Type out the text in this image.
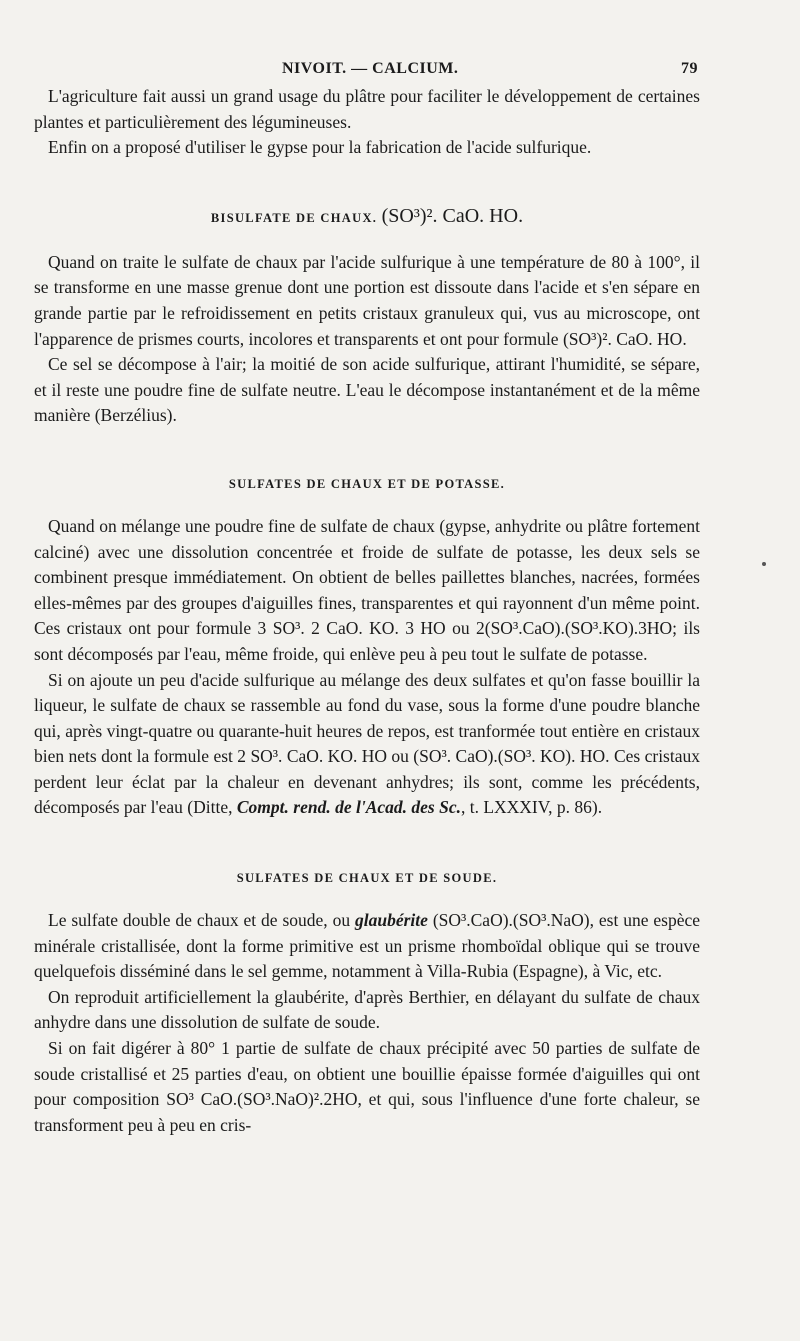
NIVOIT. — CALCIUM.	79

L'agriculture fait aussi un grand usage du plâtre pour faciliter le développement de certaines plantes et particulièrement des légumineuses.

Enfin on a proposé d'utiliser le gypse pour la fabrication de l'acide sulfurique.

BISULFATE DE CHAUX. (SO³)². CaO. HO.

Quand on traite le sulfate de chaux par l'acide sulfurique à une température de 80 à 100°, il se transforme en une masse grenue dont une portion est dissoute dans l'acide et s'en sépare en grande partie par le refroidissement en petits cristaux granuleux qui, vus au microscope, ont l'apparence de prismes courts, incolores et transparents et ont pour formule (SO³)². CaO. HO.

Ce sel se décompose à l'air; la moitié de son acide sulfurique, attirant l'humidité, se sépare, et il reste une poudre fine de sulfate neutre. L'eau le décompose instantanément et de la même manière (Berzélius).

SULFATES DE CHAUX ET DE POTASSE.

Quand on mélange une poudre fine de sulfate de chaux (gypse, anhydrite ou plâtre fortement calciné) avec une dissolution concentrée et froide de sulfate de potasse, les deux sels se combinent presque immédiatement. On obtient de belles paillettes blanches, nacrées, formées elles-mêmes par des groupes d'aiguilles fines, transparentes et qui rayonnent d'un même point. Ces cristaux ont pour formule 3 SO³. 2 CaO. KO. 3 HO ou 2(SO³.CaO).(SO³.KO).3HO; ils sont décomposés par l'eau, même froide, qui enlève peu à peu tout le sulfate de potasse.

Si on ajoute un peu d'acide sulfurique au mélange des deux sulfates et qu'on fasse bouillir la liqueur, le sulfate de chaux se rassemble au fond du vase, sous la forme d'une poudre blanche qui, après vingt-quatre ou quarante-huit heures de repos, est tranformée tout entière en cristaux bien nets dont la formule est 2 SO³. CaO. KO. HO ou (SO³. CaO).(SO³. KO). HO. Ces cristaux perdent leur éclat par la chaleur en devenant anhydres; ils sont, comme les précédents, décomposés par l'eau (Ditte, Compt. rend. de l'Acad. des Sc., t. LXXXIV, p. 86).

SULFATES DE CHAUX ET DE SOUDE.

Le sulfate double de chaux et de soude, ou glaubérite (SO³.CaO).(SO³.NaO), est une espèce minérale cristallisée, dont la forme primitive est un prisme rhomboïdal oblique qui se trouve quelquefois disséminé dans le sel gemme, notamment à Villa-Rubia (Espagne), à Vic, etc.

On reproduit artificiellement la glaubérite, d'après Berthier, en délayant du sulfate de chaux anhydre dans une dissolution de sulfate de soude.

Si on fait digérer à 80° 1 partie de sulfate de chaux précipité avec 50 parties de sulfate de soude cristallisé et 25 parties d'eau, on obtient une bouillie épaisse formée d'aiguilles qui ont pour composition SO³ CaO.(SO³.NaO)².2HO, et qui, sous l'influence d'une forte chaleur, se transforment peu à peu en cris-
